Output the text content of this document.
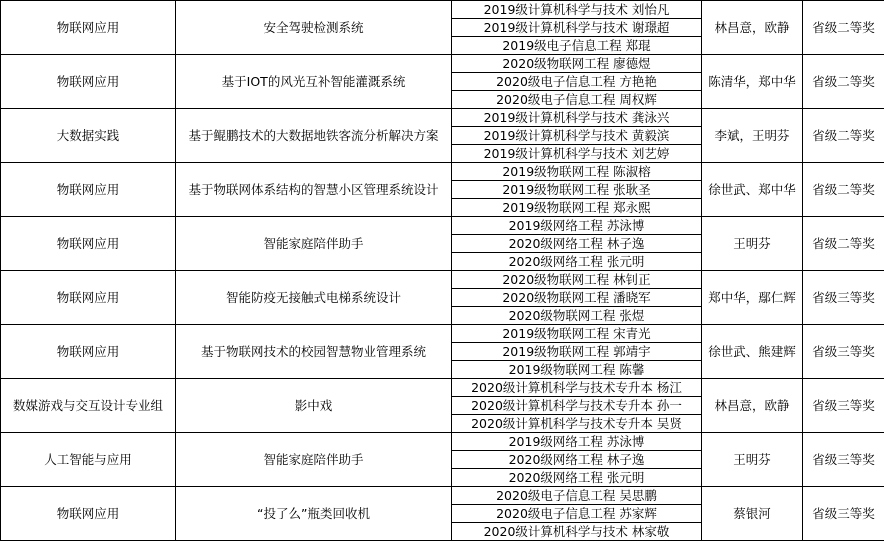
物联网应用	安全驾驶检测系统	2019级计算机科学与技术 刘怡凡	林昌意，欧静	省级二等奖
		2019级计算机科学与技术 谢璟超		
		2019级电子信息工程 郑琨		
物联网应用	基于IOT的风光互补智能灌溉系统	2020级物联网工程 廖德煜	陈清华，郑中华	省级二等奖
		2020级电子信息工程 方艳艳		
		2020级电子信息工程 周权辉		
大数据实践	基于鲲鹏技术的大数据地铁客流分析解决方案	2019级计算机科学与技术 龚泳兴	李斌，王明芬	省级二等奖
		2019级计算机科学与技术 黄毅滨		
		2019级计算机科学与技术 刘艺婷		
物联网应用	基于物联网体系结构的智慧小区管理系统设计	2019级物联网工程 陈淑榕	徐世武、郑中华	省级二等奖
		2019级物联网工程 张耿圣		
		2019级物联网工程 郑永熙		
物联网应用	智能家庭陪伴助手	2019级网络工程 苏泳博	王明芬	省级二等奖
		2020级网络工程 林子逸		
		2020级网络工程 张元明		
物联网应用	智能防疫无接触式电梯系统设计	2020级物联网工程 林钊正	郑中华，鄢仁辉	省级三等奖
		2020级物联网工程 潘晓军		
		2020级物联网工程 张煜		
物联网应用	基于物联网技术的校园智慧物业管理系统	2019级物联网工程 宋青光	徐世武、熊建辉	省级三等奖
		2019级物联网工程 郭靖宇		
		2019级物联网工程 陈馨		
数媒游戏与交互设计专业组	影中戏	2020级计算机科学与技术专升本 杨江	林昌意，欧静	省级三等奖
		2020级计算机科学与技术专升本 孙一		
		2020级计算机科学与技术专升本 吴贤		
人工智能与应用	智能家庭陪伴助手	2019级网络工程 苏泳博	王明芬	省级三等奖
		2020级网络工程 林子逸		
		2020级网络工程 张元明		
物联网应用	“投了么”瓶类回收机	2020级电子信息工程 吴思鹏	蔡银河	省级三等奖
		2020级电子信息工程 苏家辉		
		2020级计算机科学与技术 林家敬		
